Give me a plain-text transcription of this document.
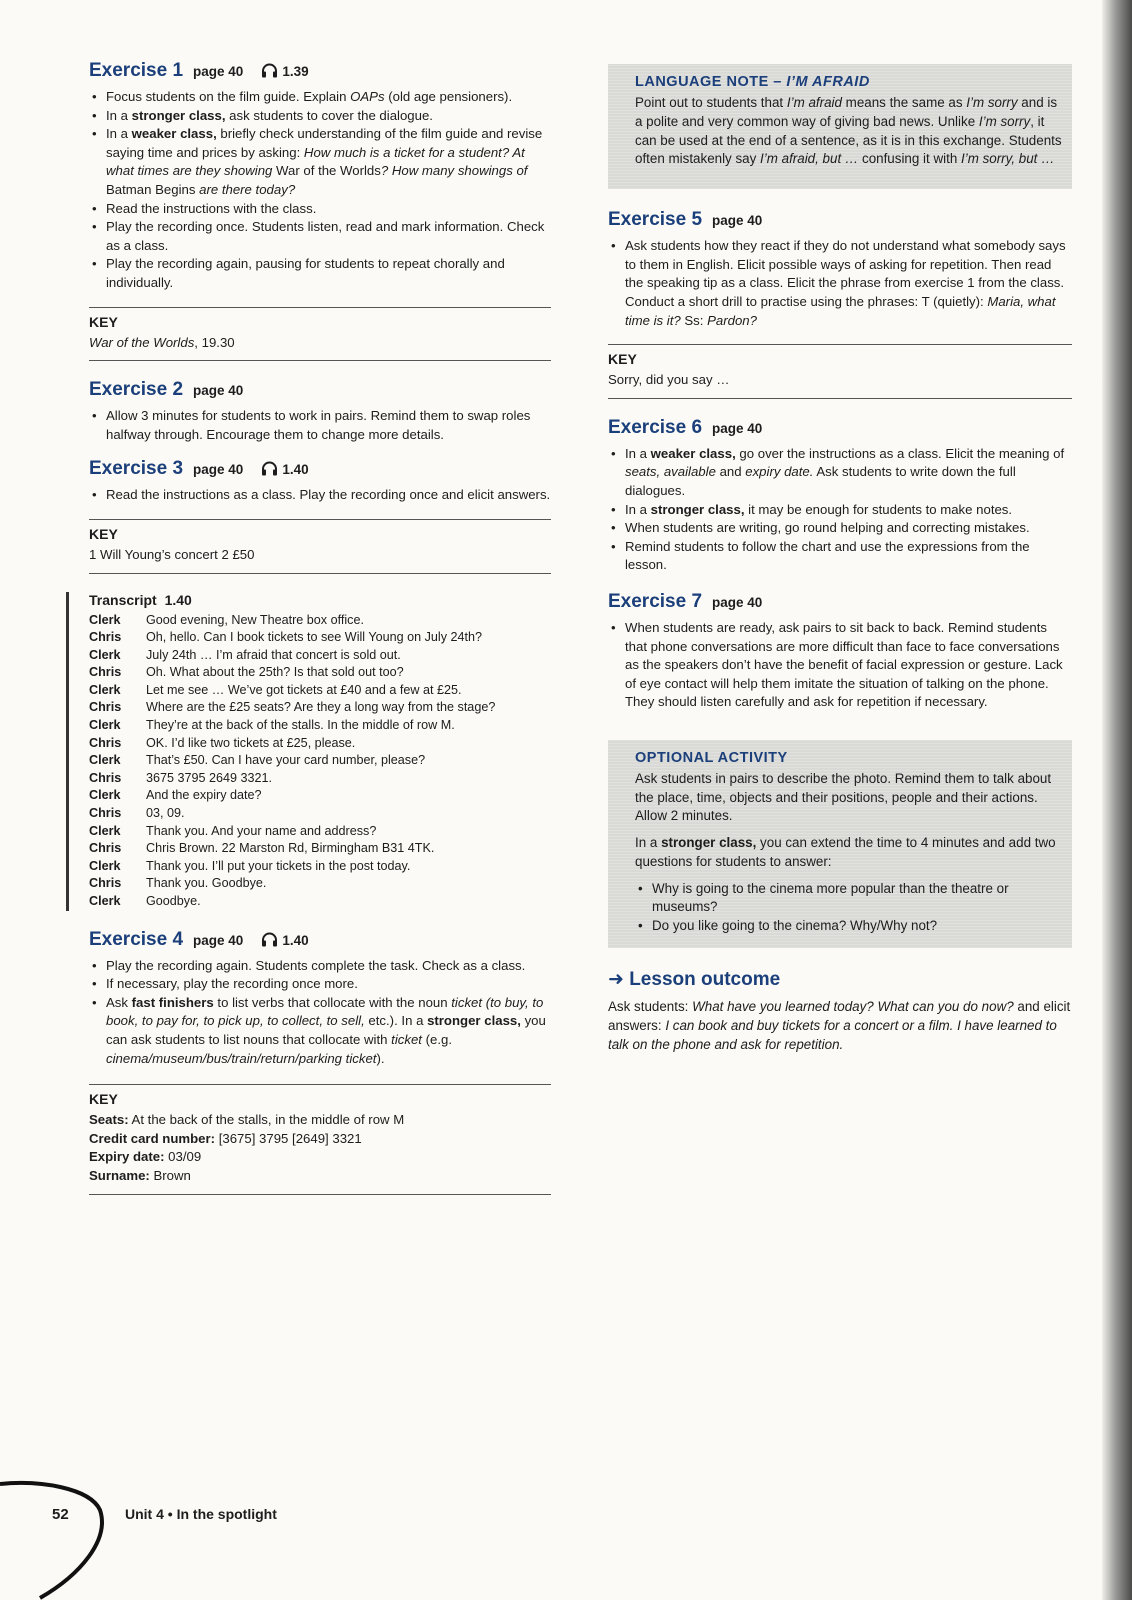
Exercise 1 page 40	1.39
• Focus students on the film guide. Explain OAPs (old age pensioners).
• In a stronger class, ask students to cover the dialogue.
• In a weaker class, briefly check understanding of the film guide and revise saying time and prices by asking: How much is a ticket for a student? At what times are they showing War of the Worlds? How many showings of Batman Begins are there today?
• Read the instructions with the class.
• Play the recording once. Students listen, read and mark information. Check as a class.
• Play the recording again, pausing for students to repeat chorally and individually.
KEY
War of the Worlds, 19.30
Exercise 2 page 40
• Allow 3 minutes for students to work in pairs. Remind them to swap roles halfway through. Encourage them to change more details.
Exercise 3 page 40	1.40
• Read the instructions as a class. Play the recording once and elicit answers.
KEY
1 Will Young’s concert 2 £50
Transcript 1.40
Clerk	Good evening, New Theatre box office.
Chris	Oh, hello. Can I book tickets to see Will Young on July 24th?
Clerk	July 24th … I’m afraid that concert is sold out.
Chris	Oh. What about the 25th? Is that sold out too?
Clerk	Let me see … We’ve got tickets at £40 and a few at £25.
Chris	Where are the £25 seats? Are they a long way from the stage?
Clerk	They’re at the back of the stalls. In the middle of row M.
Chris	OK. I’d like two tickets at £25, please.
Clerk	That’s £50. Can I have your card number, please?
Chris	3675 3795 2649 3321.
Clerk	And the expiry date?
Chris	03, 09.
Clerk	Thank you. And your name and address?
Chris	Chris Brown. 22 Marston Rd, Birmingham B31 4TK.
Clerk	Thank you. I’ll put your tickets in the post today.
Chris	Thank you. Goodbye.
Clerk	Goodbye.
Exercise 4 page 40	1.40
• Play the recording again. Students complete the task. Check as a class.
• If necessary, play the recording once more.
• Ask fast finishers to list verbs that collocate with the noun ticket (to buy, to book, to pay for, to pick up, to collect, to sell, etc.). In a stronger class, you can ask students to list nouns that collocate with ticket (e.g. cinema/museum/bus/train/return/parking ticket).
KEY
Seats: At the back of the stalls, in the middle of row M
Credit card number: [3675] 3795 [2649] 3321
Expiry date: 03/09
Surname: Brown
LANGUAGE NOTE – I’M AFRAID

Point out to students that I’m afraid means the same as I’m sorry and is a polite and very common way of giving bad news. Unlike I’m sorry, it can be used at the end of a sentence, as it is in this exchange. Students often mistakenly say I’m afraid, but … confusing it with I’m sorry, but …

Exercise 5 page 40
• Ask students how they react if they do not understand what somebody says to them in English. Elicit possible ways of asking for repetition. Then read the speaking tip as a class. Elicit the phrase from exercise 1 from the class. Conduct a short drill to practise using the phrases: T (quietly): Maria, what time is it? Ss: Pardon?
KEY
Sorry, did you say …
Exercise 6 page 40
• In a weaker class, go over the instructions as a class. Elicit the meaning of seats, available and expiry date. Ask students to write down the full dialogues.
• In a stronger class, it may be enough for students to make notes.
• When students are writing, go round helping and correcting mistakes.
• Remind students to follow the chart and use the expressions from the lesson.
Exercise 7 page 40
• When students are ready, ask pairs to sit back to back. Remind students that phone conversations are more difficult than face to face conversations as the speakers don’t have the benefit of facial expression or gesture. Lack of eye contact will help them imitate the situation of talking on the phone. They should listen carefully and ask for repetition if necessary.
OPTIONAL ACTIVITY

Ask students in pairs to describe the photo. Remind them to talk about the place, time, objects and their positions, people and their actions. Allow 2 minutes.

In a stronger class, you can extend the time to 4 minutes and add two questions for students to answer:

• Why is going to the cinema more popular than the theatre or museums?
• Do you like going to the cinema? Why/Why not?
➜ Lesson outcome
Ask students: What have you learned today? What can you do now? and elicit answers: I can book and buy tickets for a concert or a film. I have learned to talk on the phone and ask for repetition.
52	Unit 4 • In the spotlight
